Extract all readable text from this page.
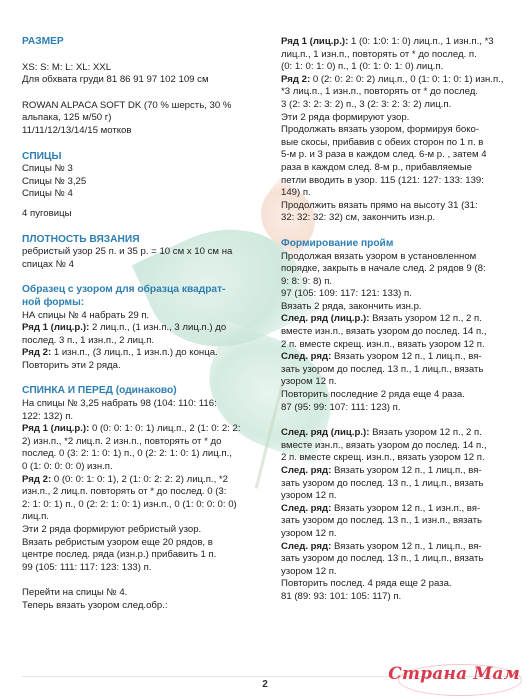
РАЗМЕР

XS: S: M: L: XL: XXL

Для обхвата груди 81 86 91 97 102 109 см

ROWAN ALPACA SOFT DK (70 % шерсть, 30 %

альпака, 125 м/50 г)

11/11/12/13/14/15 мотков

СПИЦЫ

Спицы № 3

Спицы № 3,25

Спицы № 4

4 пуговицы

ПЛОТНОСТЬ ВЯЗАНИЯ

ребристый узор 25 п. и 35 р. = 10 см х 10 см на

спицах № 4

Образец с узором для образца квадрат-

ной формы:

НА спицы № 4 набрать 29 п.

Ряд 1 (лиц.р.): 2 лиц.п., (1 изн.п., 3 лиц.п.) до

послед. 3 п., 1 изн.п., 2 лиц.п.

Ряд 2: 1 изн.п., (3 лиц.п., 1 изн.п.) до конца.

Повторить эти 2 ряда.

СПИНКА И ПЕРЕД (одинаково)

На спицы № 3,25 набрать 98 (104: 110: 116:

122: 132) п.

Ряд 1 (лиц.р.): 0 (0: 0: 1: 0: 1) лиц.п., 2 (1: 0: 2: 2:

2) изн.п., *2 лиц.п. 2 изн.п., повторять от * до

послед. 0 (3: 2: 1: 0: 1) п., 0 (2: 2: 1: 0: 1) лиц.п.,

0 (1: 0: 0: 0: 0) изн.п.

Ряд 2: 0 (0: 0: 1: 0: 1), 2 (1: 0: 2: 2: 2) лиц.п., *2

изн.п., 2 лиц.п. повторять от * до послед. 0 (3:

2: 1: 0: 1) п., 0 (2: 2: 1: 0: 1) изн.п., 0 (1: 0: 0: 0: 0)

лиц.п.

Эти 2 ряда формируют ребристый узор.

Вязать ребристым узором еще 20 рядов, в

центре послед. ряда (изн.р.) прибавить 1 п.

99 (105: 111: 117: 123: 133) п.

Перейти на спицы № 4.

Теперь вязать узором след.обр.:

Ряд 1 (лиц.р.): 1 (0: 1:0: 1: 0) лиц.п., 1 изн.п., *3

лиц.п., 1 изн.п., повторять от * до послед. п.

(0: 1: 0: 1: 0) п., 1 (0: 1: 0: 1: 0) лиц.п.

Ряд 2: 0 (2: 0: 2: 0: 2) лиц.п., 0 (1: 0: 1: 0: 1) изн.п.,

*3 лиц.п., 1 изн.п., повторять от * до послед.

3 (2: 3: 2: 3: 2) п., 3 (2: 3: 2: 3: 2) лиц.п.

Эти 2 ряда формируют узор.

Продолжать вязать узором, формируя боко-

вые скосы, прибавив с обеих сторон по 1 п. в

5-м р. и 3 раза в каждом след. 6-м р. , затем 4

раза в каждом след. 8-м р., прибавляемые

петли вводить в узор. 115 (121: 127: 133: 139:

149) п.

Продолжить вязать прямо на высоту 31 (31:

32: 32: 32: 32) см, закончить изн.р.

Формирование пройм

Продолжая вязать узором в установленном

порядке, закрыть в начале след. 2 рядов 9 (8:

9: 8: 9: 8) п.

97 (105: 109: 117: 121: 133) п.

Вязать 2 ряда, закончить изн.р.

След. ряд (лиц.р.): Вязать узором 12 п., 2 п.

вместе изн.п., вязать узором до послед. 14 п.,

2 п. вместе скрещ. изн.п., вязать узором 12 п.

След. ряд: Вязать узором 12 п., 1 лиц.п., вя-

зать узором до послед. 13 п., 1 лиц.п., вязать

узором 12 п.

Повторить последние 2 ряда еще 4 раза.

87 (95: 99: 107: 111: 123) п.

След. ряд (лиц.р.): Вязать узором 12 п., 2 п.

вместе изн.п., вязать узором до послед. 14 п.,

2 п. вместе скрещ. изн.п., вязать узором 12 п.

След. ряд: Вязать узором 12 п., 1 лиц.п., вя-

зать узором до послед. 13 п., 1 лиц.п., вязать

узором 12 п.

След. ряд: Вязать узором 12 п., 1 изн.п., вя-

зать узором до послед. 13 п., 1 изн.п., вязать

узором 12 п.

След. ряд: Вязать узором 12 п., 1 лиц.п., вя-

зать узором до послед. 13 п., 1 лиц.п., вязать

узором 12 п.

Повторить послед. 4 ряда еще 2 раза.

81 (89: 93: 101: 105: 117) п.

2
Страна Мам
